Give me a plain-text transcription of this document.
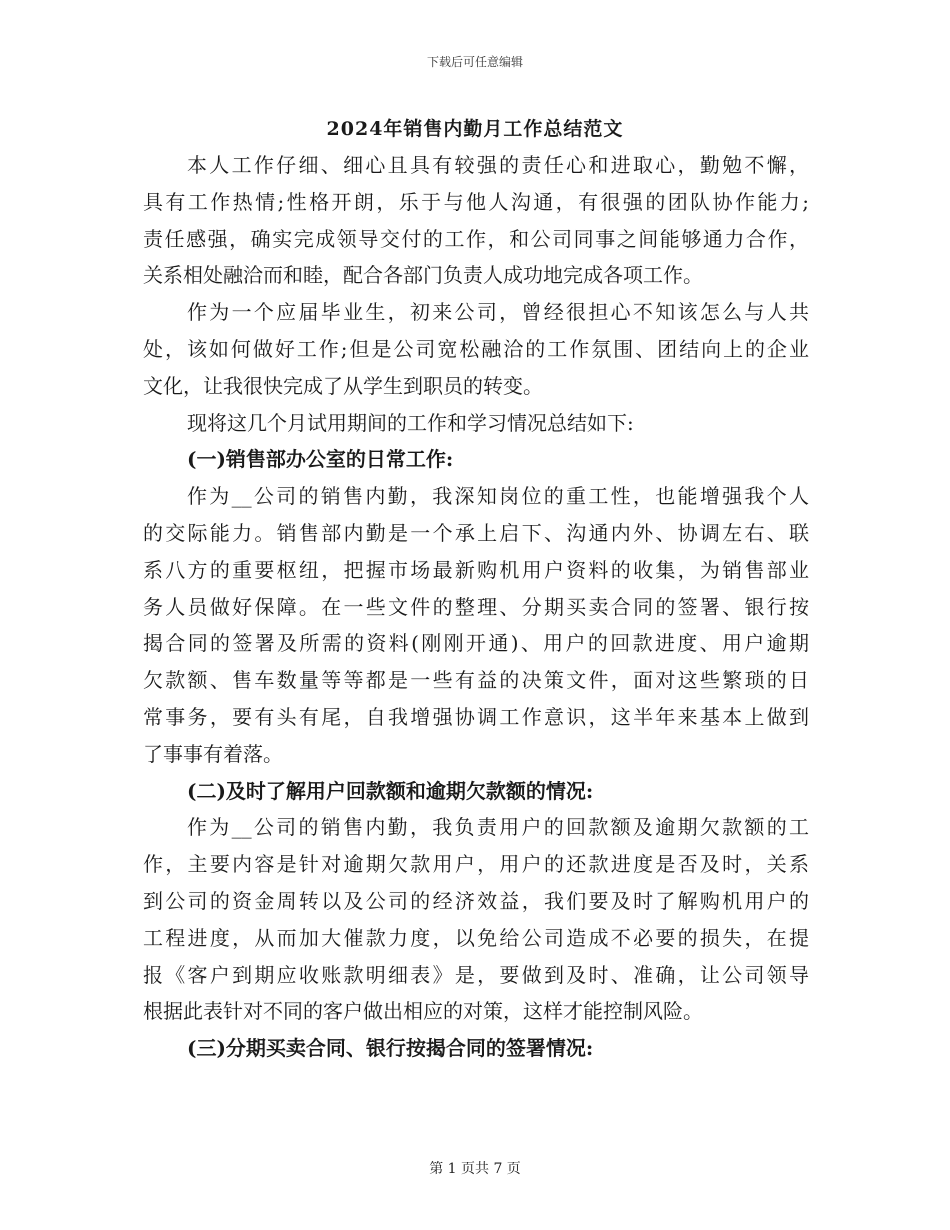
下载后可任意编辑
2024年销售内勤月工作总结范文
本人工作仔细、细心且具有较强的责任心和进取心，勤勉不懈，
具有工作热情;性格开朗，乐于与他人沟通，有很强的团队协作能力;
责任感强，确实完成领导交付的工作，和公司同事之间能够通力合作，
关系相处融洽而和睦，配合各部门负责人成功地完成各项工作。
作为一个应届毕业生，初来公司，曾经很担心不知该怎么与人共
处，该如何做好工作;但是公司宽松融洽的工作氛围、团结向上的企业
文化，让我很快完成了从学生到职员的转变。
现将这几个月试用期间的工作和学习情况总结如下:
(一)销售部办公室的日常工作:
作为__公司的销售内勤，我深知岗位的重工性，也能增强我个人
的交际能力。销售部内勤是一个承上启下、沟通内外、协调左右、联
系八方的重要枢纽，把握市场最新购机用户资料的收集，为销售部业
务人员做好保障。在一些文件的整理、分期买卖合同的签署、银行按
揭合同的签署及所需的资料(刚刚开通)、用户的回款进度、用户逾期
欠款额、售车数量等等都是一些有益的决策文件，面对这些繁琐的日
常事务，要有头有尾，自我增强协调工作意识，这半年来基本上做到
了事事有着落。
(二)及时了解用户回款额和逾期欠款额的情况:
作为__公司的销售内勤，我负责用户的回款额及逾期欠款额的工
作，主要内容是针对逾期欠款用户，用户的还款进度是否及时，关系
到公司的资金周转以及公司的经济效益，我们要及时了解购机用户的
工程进度，从而加大催款力度，以免给公司造成不必要的损失，在提
报《客户到期应收账款明细表》是，要做到及时、准确，让公司领导
根据此表针对不同的客户做出相应的对策，这样才能控制风险。
(三)分期买卖合同、银行按揭合同的签署情况:
第 1 页共 7 页
